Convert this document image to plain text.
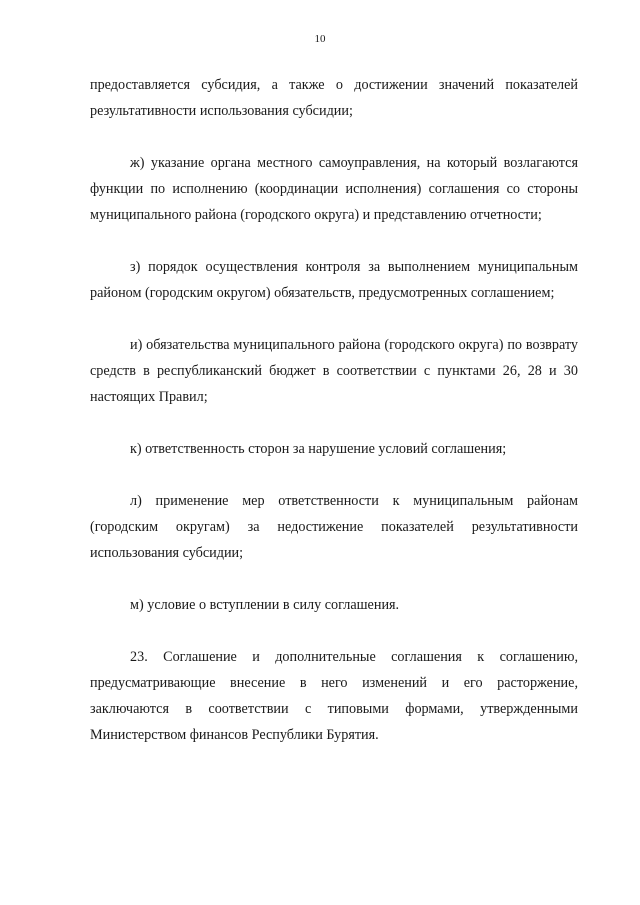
10

предоставляется субсидия, а также о достижении значений показателей результативности использования субсидии;

ж) указание органа местного самоуправления, на который возлагаются функции по исполнению (координации исполнения) соглашения со стороны муниципального района (городского округа) и представлению отчетности;

з) порядок осуществления контроля за выполнением муниципальным районом (городским округом) обязательств, предусмотренных соглашением;

и) обязательства муниципального района (городского округа) по возврату средств в республиканский бюджет в соответствии с пунктами 26, 28 и 30 настоящих Правил;

к) ответственность сторон за нарушение условий соглашения;

л) применение мер ответственности к муниципальным районам (городским округам) за недостижение показателей результативности использования субсидии;

м) условие о вступлении в силу соглашения.

23. Соглашение и дополнительные соглашения к соглашению, предусматривающие внесение в него изменений и его расторжение, заключаются в соответствии с типовыми формами, утвержденными Министерством финансов Республики Бурятия.
